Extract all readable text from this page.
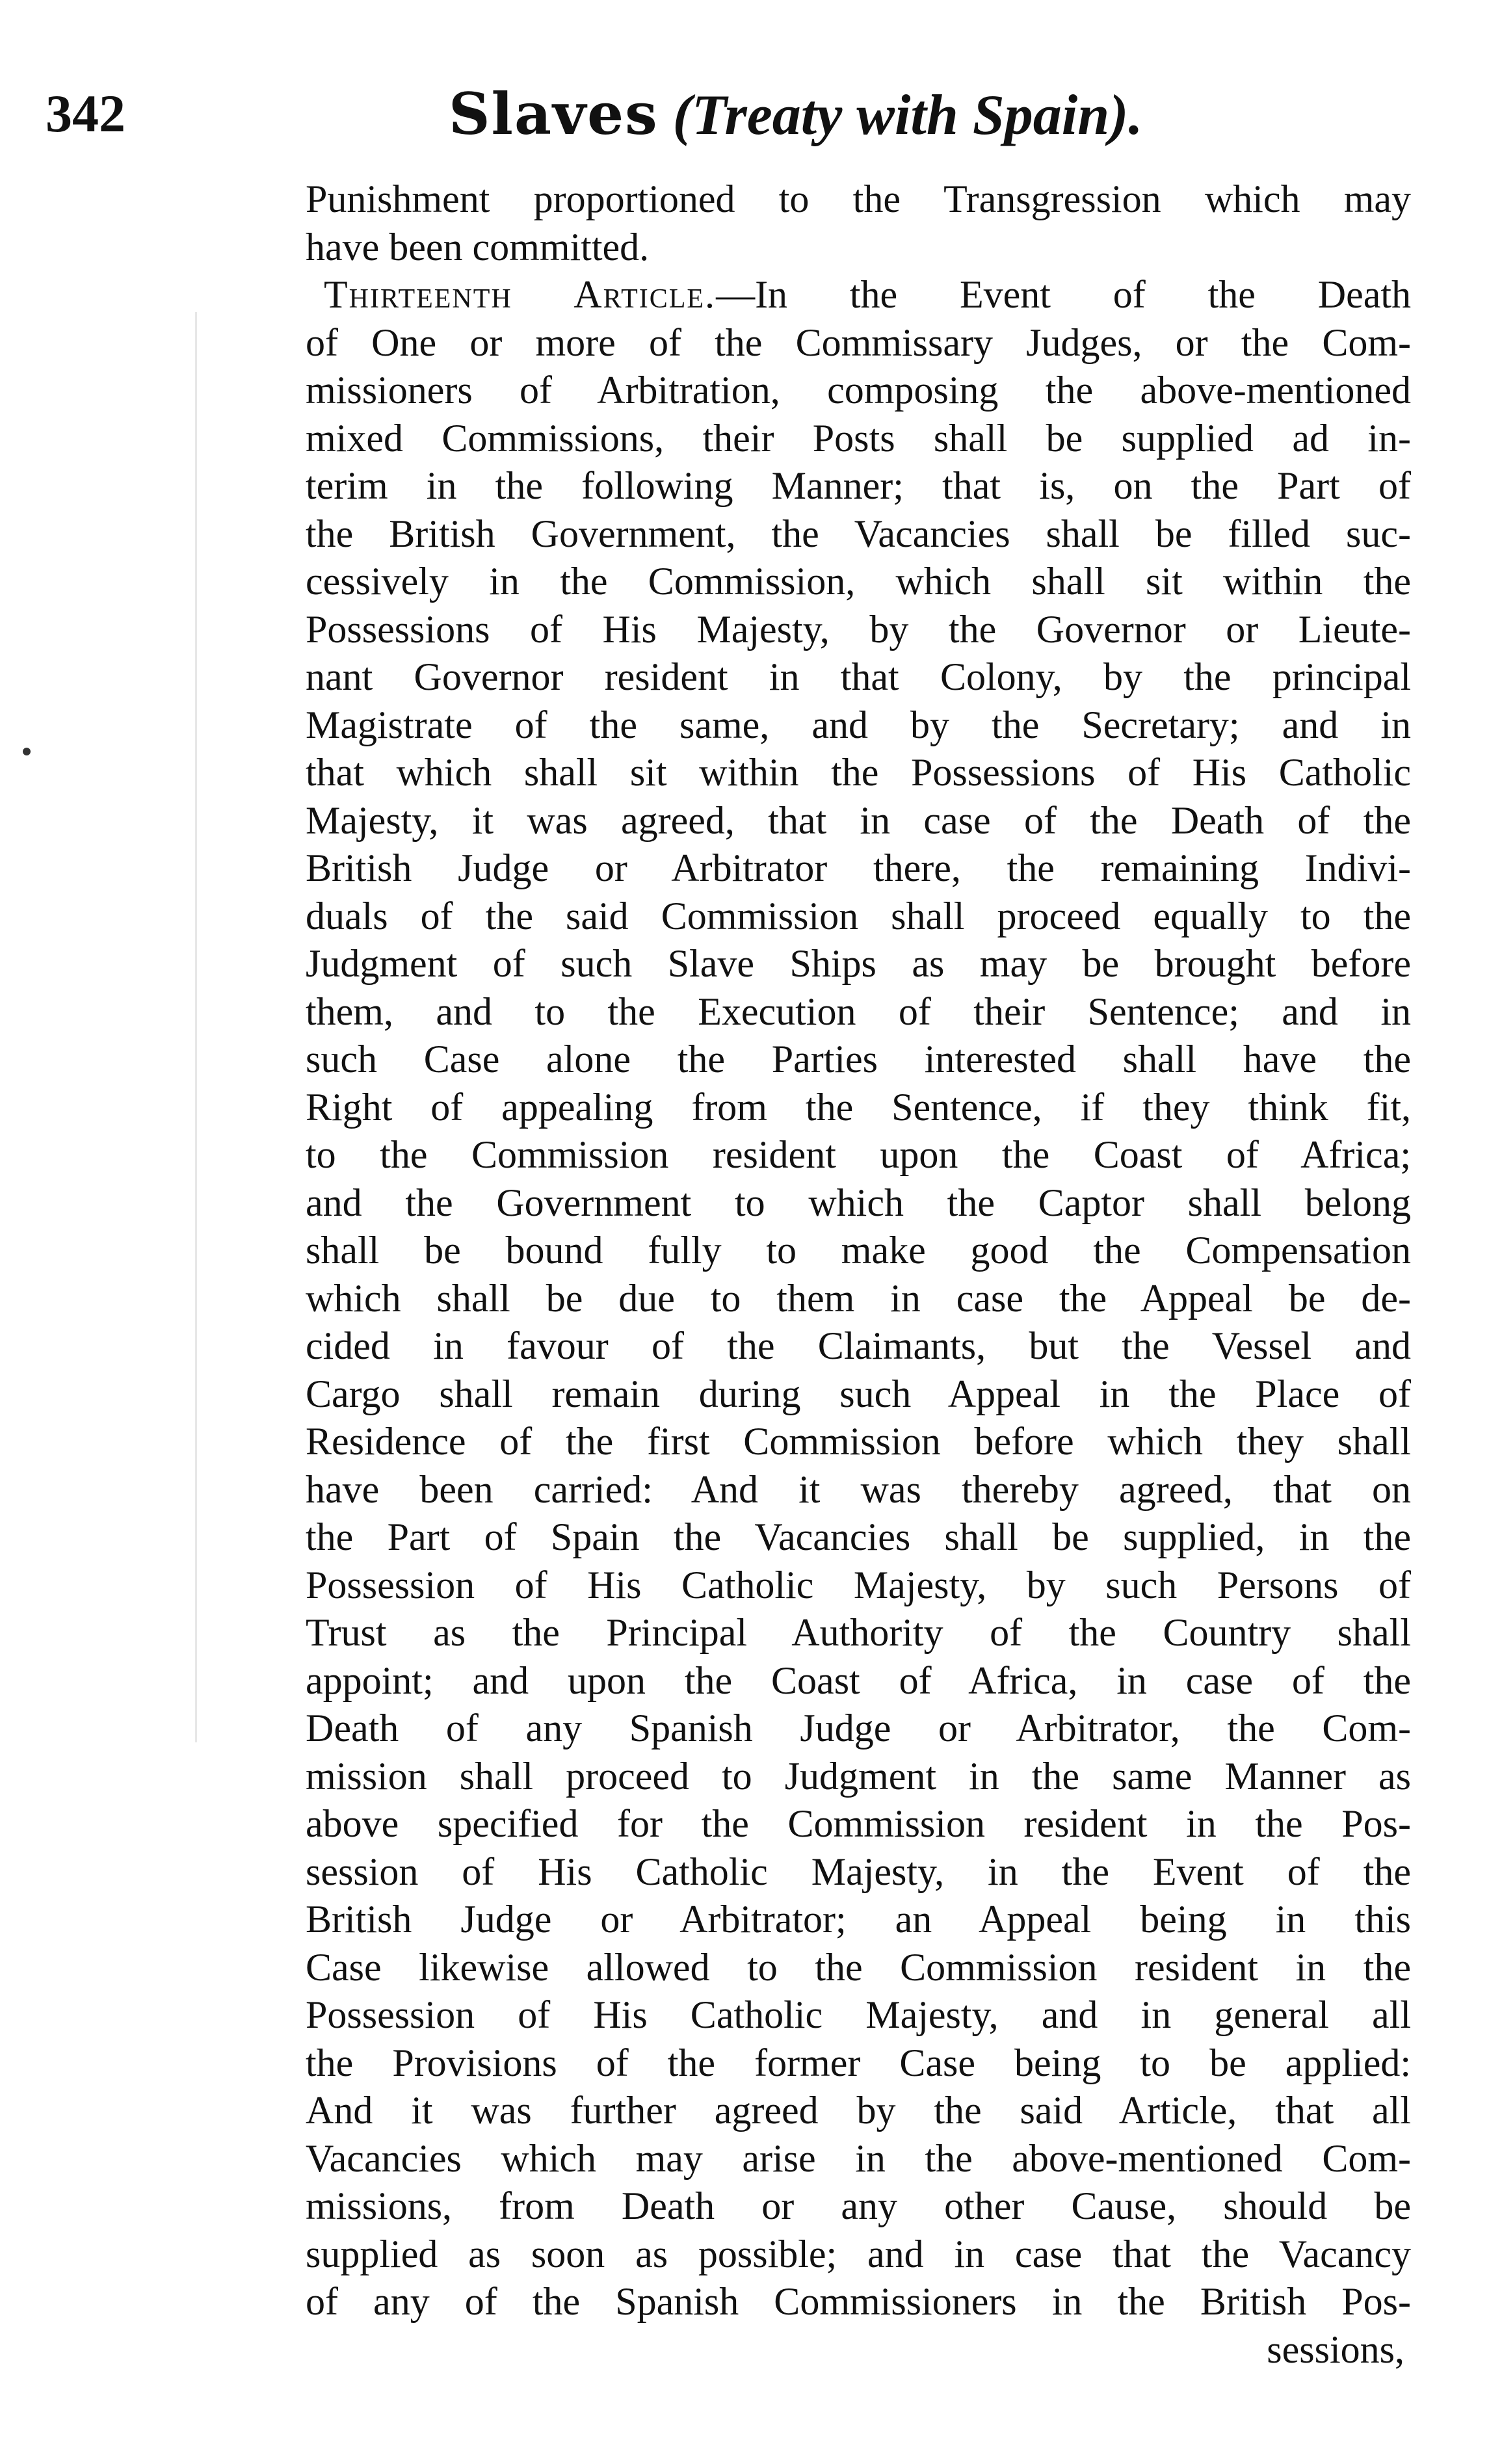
342	Slaves (Treaty with Spain).
Punishment proportioned to the Transgression which may
have been committed.
Thirteenth Article.—In the Event of the Death
of One or more of the Commissary Judges, or the Com-
missioners of Arbitration, composing the above-mentioned
mixed Commissions, their Posts shall be supplied ad in-
terim in the following Manner; that is, on the Part of
the British Government, the Vacancies shall be filled suc-
cessively in the Commission, which shall sit within the
Possessions of His Majesty, by the Governor or Lieute-
nant Governor resident in that Colony, by the principal
Magistrate of the same, and by the Secretary; and in
that which shall sit within the Possessions of His Catholic
Majesty, it was agreed, that in case of the Death of the
British Judge or Arbitrator there, the remaining Indivi-
duals of the said Commission shall proceed equally to the
Judgment of such Slave Ships as may be brought before
them, and to the Execution of their Sentence; and in
such Case alone the Parties interested shall have the
Right of appealing from the Sentence, if they think fit,
to the Commission resident upon the Coast of Africa;
and the Government to which the Captor shall belong
shall be bound fully to make good the Compensation
which shall be due to them in case the Appeal be de-
cided in favour of the Claimants, but the Vessel and
Cargo shall remain during such Appeal in the Place of
Residence of the first Commission before which they shall
have been carried: And it was thereby agreed, that on
the Part of Spain the Vacancies shall be supplied, in the
Possession of His Catholic Majesty, by such Persons of
Trust as the Principal Authority of the Country shall
appoint; and upon the Coast of Africa, in case of the
Death of any Spanish Judge or Arbitrator, the Com-
mission shall proceed to Judgment in the same Manner as
above specified for the Commission resident in the Pos-
session of His Catholic Majesty, in the Event of the
British Judge or Arbitrator; an Appeal being in this
Case likewise allowed to the Commission resident in the
Possession of His Catholic Majesty, and in general all
the Provisions of the former Case being to be applied:
And it was further agreed by the said Article, that all
Vacancies which may arise in the above-mentioned Com-
missions, from Death or any other Cause, should be
supplied as soon as possible; and in case that the Vacancy
of any of the Spanish Commissioners in the British Pos-
sessions,
